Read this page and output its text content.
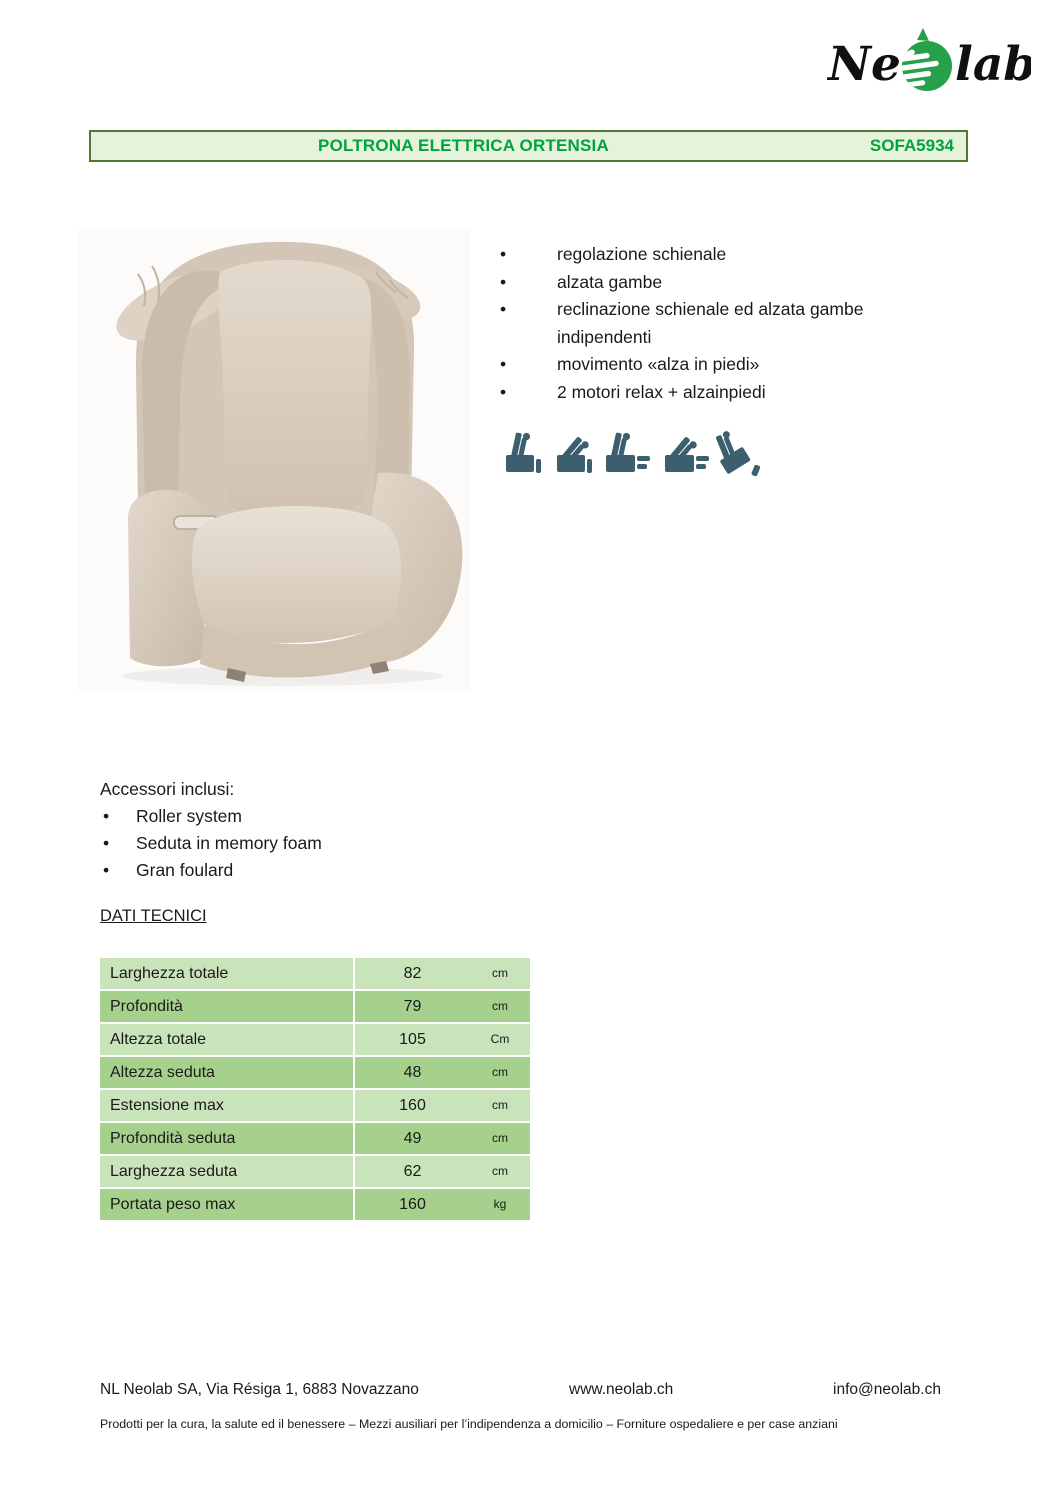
Ne lab
POLTRONA ELETTRICA ORTENSIA	SOFA5934
•	regolazione schienale
•	alzata gambe
•	reclinazione schienale ed alzata gambe indipendenti
•	movimento «alza in piedi»
•	2 motori relax + alzainpiedi
Accessori inclusi:
•	Roller system
•	Seduta in memory foam
•	Gran foulard
DATI TECNICI
Larghezza totale	82	cm
Profondità	79	cm
Altezza totale	105	Cm
Altezza seduta	48	cm
Estensione max	160	cm
Profondità seduta	49	cm
Larghezza seduta	62	cm
Portata peso max	160	kg
NL Neolab SA, Via Résiga 1, 6883 Novazzano	www.neolab.ch	info@neolab.ch
Prodotti per la cura, la salute ed il benessere – Mezzi ausiliari per l’indipendenza a domicilio – Forniture ospedaliere e per case anziani
